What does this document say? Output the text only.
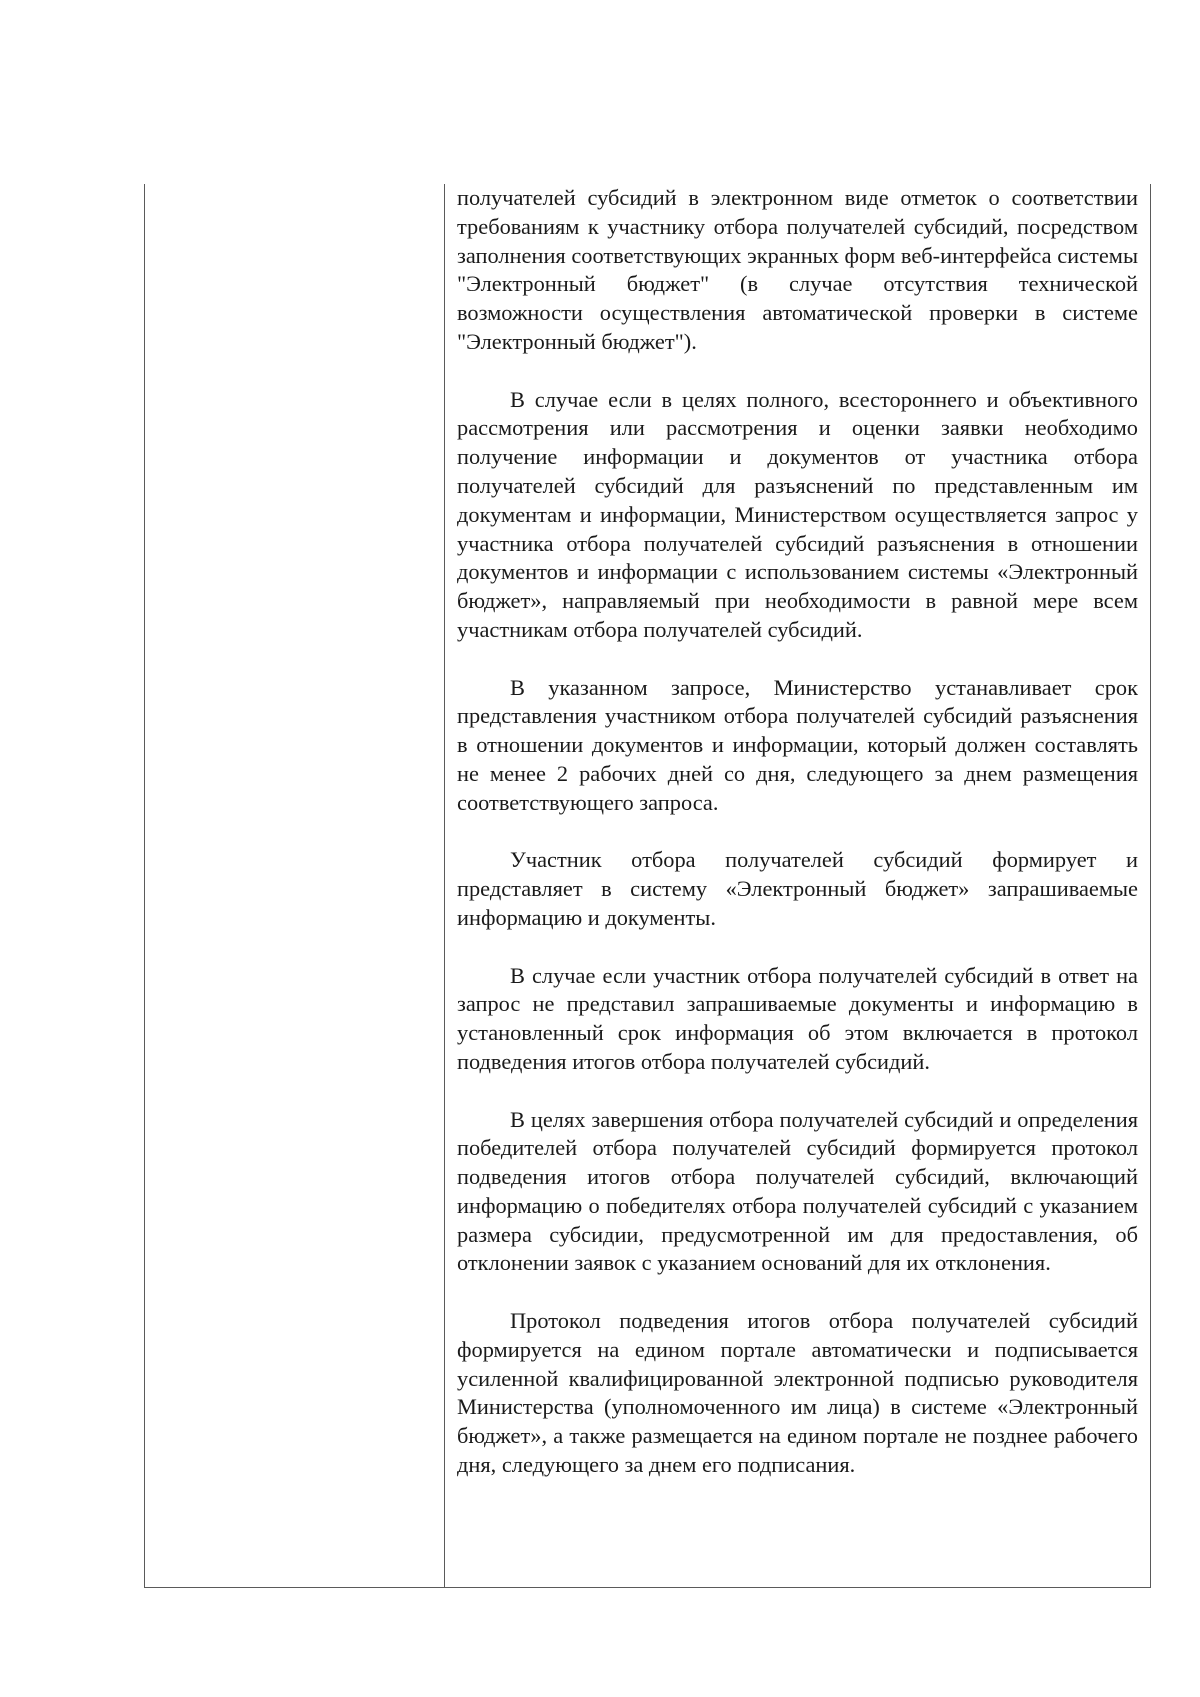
получателей субсидий в электронном виде отметок о соответствии требованиям к участнику отбора получателей субсидий, посредством заполнения соответствующих экранных форм веб-интерфейса системы "Электронный бюджет" (в случае отсутствия технической возможности осуществления автоматической проверки в системе "Электронный бюджет").

В случае если в целях полного, всестороннего и объективного рассмотрения или рассмотрения и оценки заявки необходимо получение информации и документов от участника отбора получателей субсидий для разъяснений по представленным им документам и информации, Министерством осуществляется запрос у участника отбора получателей субсидий разъяснения в отношении документов и информации с использованием системы «Электронный бюджет», направляемый при необходимости в равной мере всем участникам отбора получателей субсидий.

В указанном запросе, Министерство устанавливает срок представления участником отбора получателей субсидий разъяснения в отношении документов и информации, который должен составлять не менее 2 рабочих дней со дня, следующего за днем размещения соответствующего запроса.

Участник отбора получателей субсидий формирует и представляет в систему «Электронный бюджет» запрашиваемые информацию и документы.

В случае если участник отбора получателей субсидий в ответ на запрос не представил запрашиваемые документы и информацию в установленный срок информация об этом включается в протокол подведения итогов отбора получателей субсидий.

В целях завершения отбора получателей субсидий и определения победителей отбора получателей субсидий формируется протокол подведения итогов отбора получателей субсидий, включающий информацию о победителях отбора получателей субсидий с указанием размера субсидии, предусмотренной им для предоставления, об отклонении заявок с указанием оснований для их отклонения.

Протокол подведения итогов отбора получателей субсидий формируется на едином портале автоматически и подписывается усиленной квалифицированной электронной подписью руководителя Министерства (уполномоченного им лица) в системе «Электронный бюджет», а также размещается на едином портале не позднее рабочего дня, следующего за днем его подписания.
